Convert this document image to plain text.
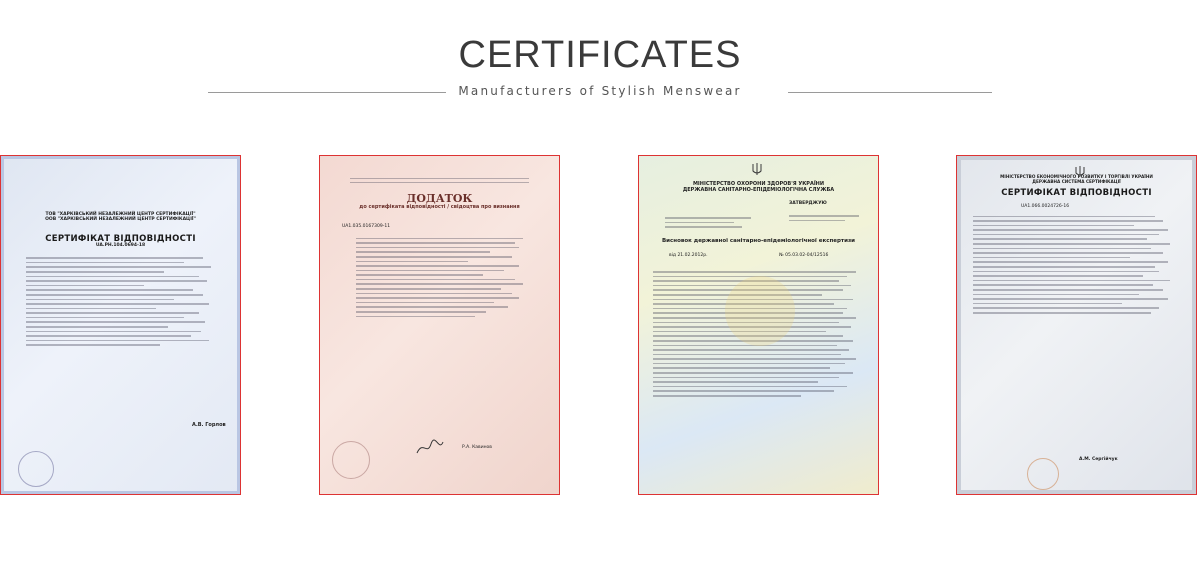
CERTIFICATES
Manufacturers of Stylish Menswear
ТОВ "ХАРКІВСЬКИЙ НЕЗАЛЕЖНИЙ ЦЕНТР СЕРТИФІКАЦІЇ"
ООВ "ХАРКІВСЬКИЙ НЕЗАЛЕЖНИЙ ЦЕНТР СЕРТИФІКАЦІЇ"
СЕРТИФІКАТ ВІДПОВІДНОСТІ
UA.PH.104.0694-18
А.В. Горлов
ДОДАТОК
до сертифіката відповідності / свідоцтва про визнання
UA1.035.0167309-11
Р.А. Кавинов
МІНІСТЕРСТВО ОХОРОНИ ЗДОРОВ'Я УКРАЇНИ
ДЕРЖАВНА САНІТАРНО-ЕПІДЕМІОЛОГІЧНА СЛУЖБА
ЗАТВЕРДЖУЮ
Висновок державної санітарно-епідеміологічної експертизи
від 21.02.2012р.	№ 05.03.02-04/12516
МІНІСТЕРСТВО ЕКОНОМІЧНОГО РОЗВИТКУ І ТОРГІВЛІ УКРАЇНИ
ДЕРЖАВНА СИСТЕМА СЕРТИФІКАЦІЇ
СЕРТИФІКАТ ВІДПОВІДНОСТІ
UA1.066.0024726-16
А.М. Сергійчук
